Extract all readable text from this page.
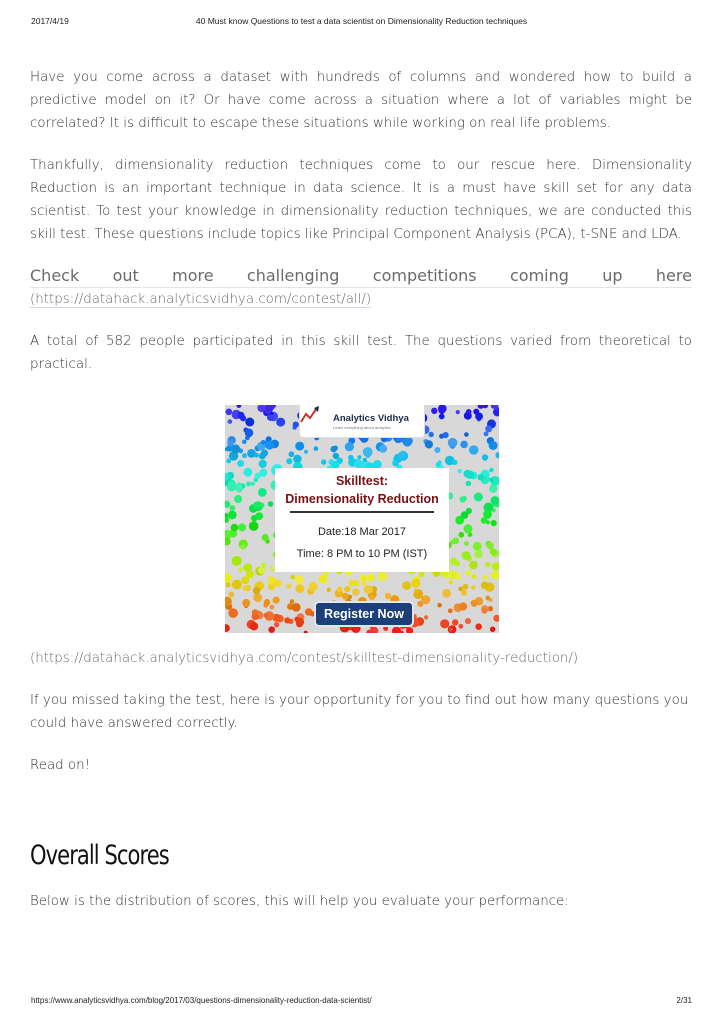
2017/4/19	40 Must know Questions to test a data scientist on Dimensionality Reduction techniques

Have you come across a dataset with hundreds of columns and wondered how to build a predictive model on it? Or have come across a situation where a lot of variables might be correlated? It is difficult to escape these situations while working on real life problems.

Thankfully, dimensionality reduction techniques come to our rescue here. Dimensionality Reduction is an important technique in data science. It is a must have skill set for any data scientist. To test your knowledge in dimensionality reduction techniques, we are conducted this skill test. These questions include topics like Principal Component Analysis (PCA), t-SNE and LDA.

Check out more challenging competitions coming up here

(https://datahack.analyticsvidhya.com/contest/all/)

A total of 582 people participated in this skill test. The questions varied from theoretical to practical.

Analytics Vidhya
Learn everything about analytics
Skilltest:
Dimensionality Reduction
Date:18 Mar 2017
Time: 8 PM to 10 PM (IST)
Register Now

(https://datahack.analyticsvidhya.com/contest/skilltest-dimensionality-reduction/)

If you missed taking the test, here is your opportunity for you to find out how many questions you could have answered correctly.

Read on!

Overall Scores

Below is the distribution of scores, this will help you evaluate your performance:

https://www.analyticsvidhya.com/blog/2017/03/questions-dimensionality-reduction-data-scientist/	2/31
